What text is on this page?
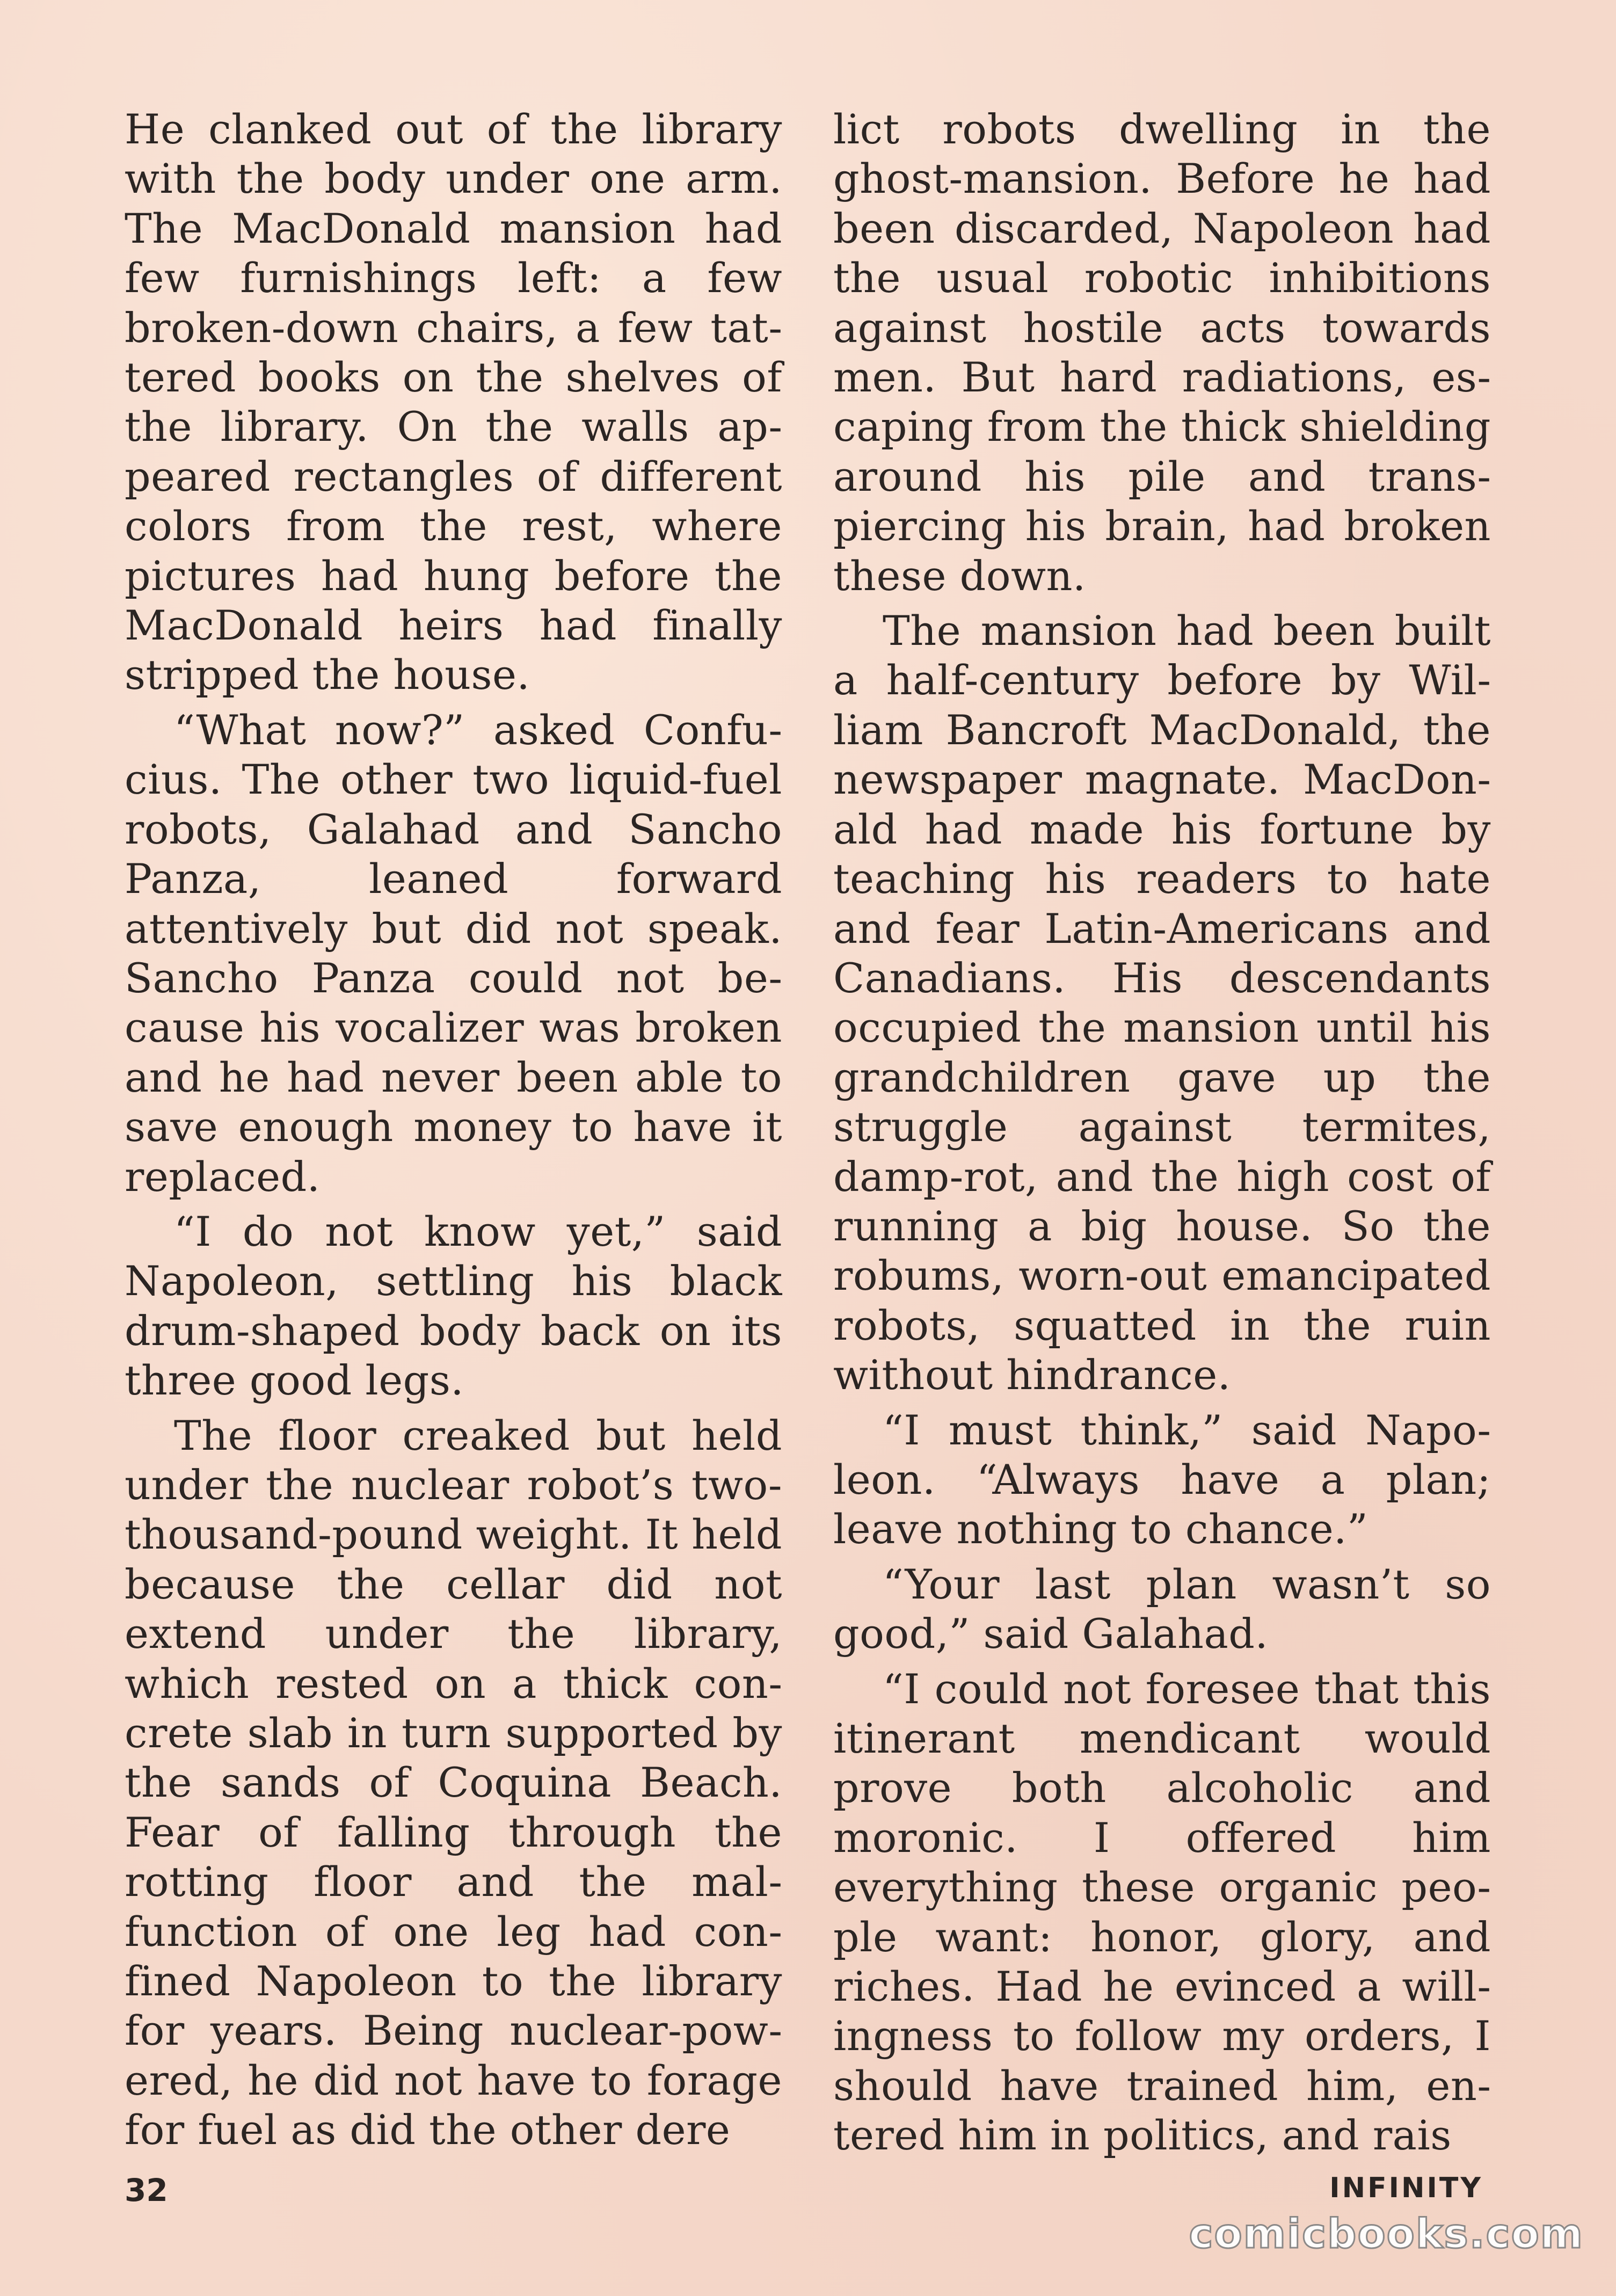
He clanked out of the library with the body under one arm. The MacDonald mansion had few furnishings left: a few broken-down chairs, a few tattered books on the shelves of the library. On the walls appeared rectangles of different colors from the rest, where pictures had hung before the MacDonald heirs had finally stripped the house.

“What now?” asked Confucius. The other two liquid-fuel robots, Galahad and Sancho Panza, leaned forward attentively but did not speak. Sancho Panza could not because his vocalizer was broken and he had never been able to save enough money to have it replaced.

“I do not know yet,” said Napoleon, settling his black drum-shaped body back on its three good legs.

The floor creaked but held under the nuclear robot’s two-thousand-pound weight. It held because the cellar did not extend under the library, which rested on a thick concrete slab in turn supported by the sands of Coquina Beach. Fear of falling through the rotting floor and the malfunction of one leg had confined Napoleon to the library for years. Being nuclear-powered, he did not have to forage for fuel as did the other dere

lict robots dwelling in the ghost-mansion. Before he had been discarded, Napoleon had the usual robotic inhibitions against hostile acts towards men. But hard radiations, escaping from the thick shielding around his pile and transpiercing his brain, had broken these down.

The mansion had been built a half-century before by William Bancroft MacDonald, the newspaper magnate. MacDonald had made his fortune by teaching his readers to hate and fear Latin-Americans and Canadians. His descendants occupied the mansion until his grandchildren gave up the struggle against termites, damp-rot, and the high cost of running a big house. So the robums, worn-out emancipated robots, squatted in the ruin without hindrance.

“I must think,” said Napoleon. “Always have a plan; leave nothing to chance.”

“Your last plan wasn’t so good,” said Galahad.

“I could not foresee that this itinerant mendicant would prove both alcoholic and moronic. I offered him everything these organic people want: honor, glory, and riches. Had he evinced a willingness to follow my orders, I should have trained him, entered him in politics, and rais

32	INFINITY
comicbooks.com
